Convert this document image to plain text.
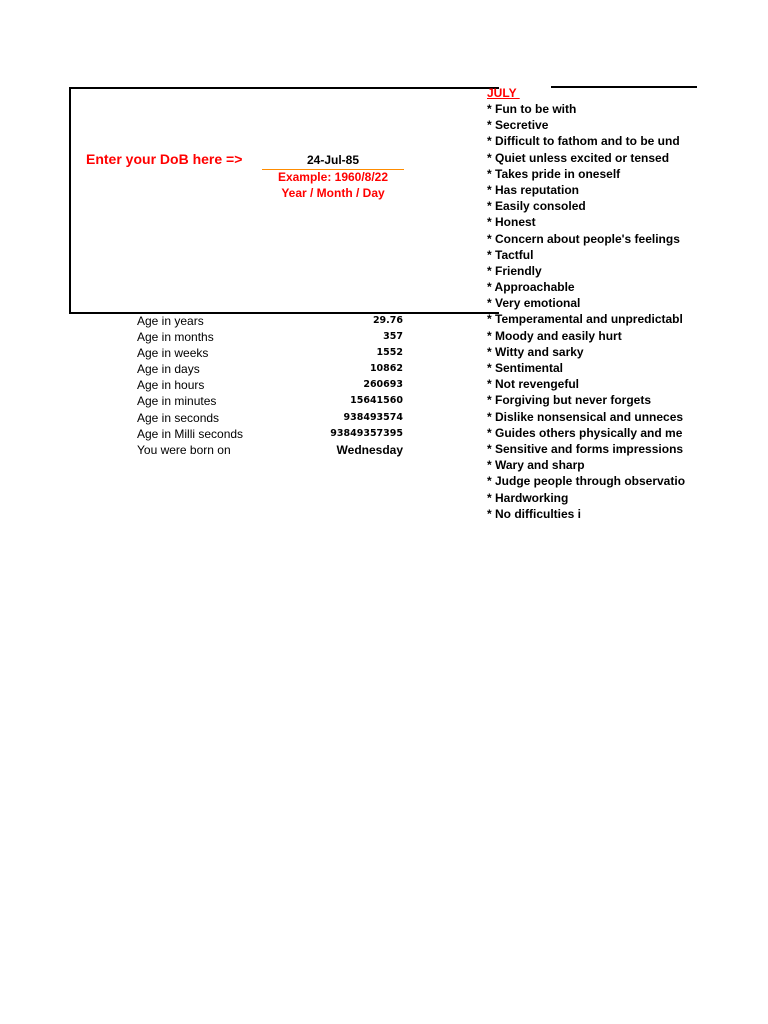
Enter your DoB here =>	24-Jul-85
Example: 1960/8/22
Year / Month / Day
Age in years	29.76
Age in months	357
Age in weeks	1552
Age in days	10862
Age in hours	260693
Age in minutes	15641560
Age in seconds	938493574
Age in Milli seconds	93849357395
You were born on	Wednesday
JULY
* Fun to be with
* Secretive
* Difficult to fathom and to be und
* Quiet unless excited or tensed
* Takes pride in oneself
* Has reputation
* Easily consoled
* Honest
* Concern about people's feelings
* Tactful
* Friendly
* Approachable
* Very emotional
* Temperamental and unpredictabl
* Moody and easily hurt
* Witty and sarky
* Sentimental
* Not revengeful
* Forgiving but never forgets
* Dislike nonsensical and unneces
* Guides others physically and me
* Sensitive and forms impressions
* Wary and sharp
* Judge people through observatio
* Hardworking
* No difficulties i
